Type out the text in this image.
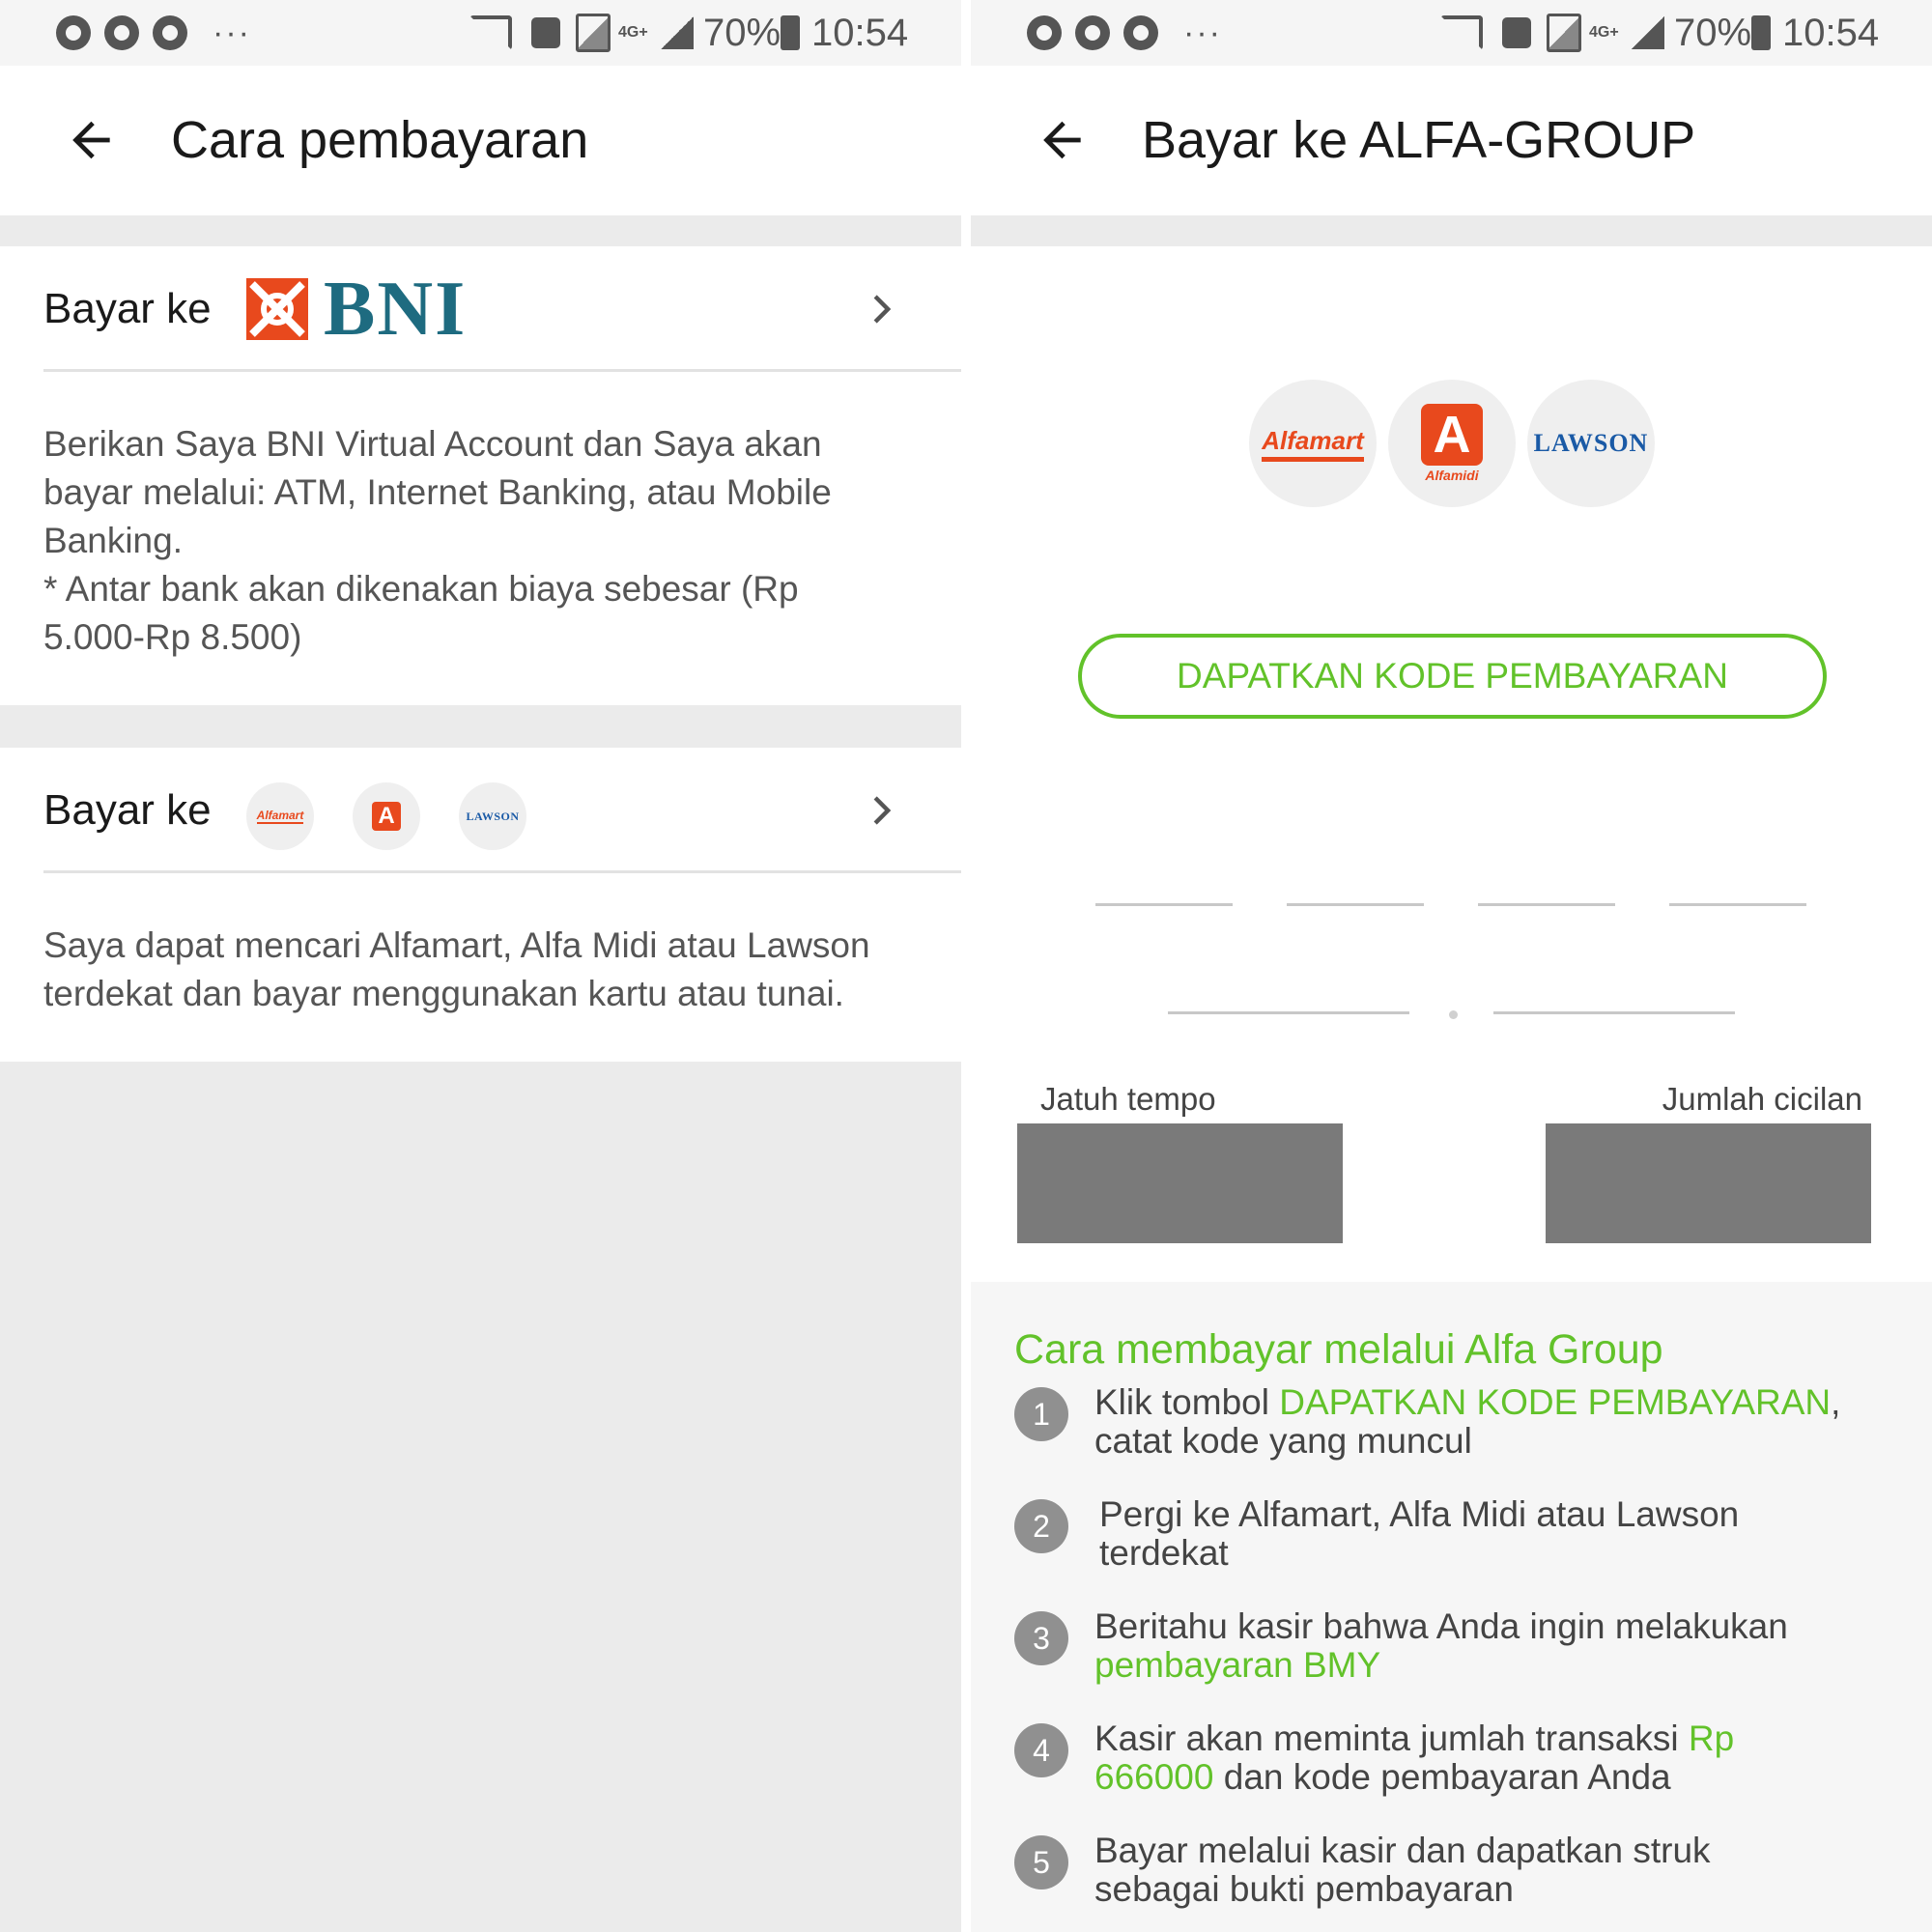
···	4G+ 70% 10:54
Cara pembayaran
Bayar ke BNI
Berikan Saya BNI Virtual Account dan Saya akan
bayar melalui: ATM, Internet Banking, atau Mobile
Banking.
* Antar bank akan dikenakan biaya sebesar (Rp
5.000-Rp 8.500)
Bayar ke	Alfamart	A	LAWSON
Saya dapat mencari Alfamart, Alfa Midi atau Lawson
terdekat dan bayar menggunakan kartu atau tunai.
···	4G+ 70% 10:54
Bayar ke ALFA-GROUP
Alfamart A
Alfamidi
LAWSON
DAPATKAN KODE PEMBAYARAN
Jatuh tempo	Jumlah cicilan
Cara membayar melalui Alfa Group
1	Klik tombol DAPATKAN KODE PEMBAYARAN,
catat kode yang muncul
2	Pergi ke Alfamart, Alfa Midi atau Lawson
terdekat
3	Beritahu kasir bahwa Anda ingin melakukan
pembayaran BMY
4	Kasir akan meminta jumlah transaksi Rp
666000 dan kode pembayaran Anda
5	Bayar melalui kasir dan dapatkan struk
sebagai bukti pembayaran
